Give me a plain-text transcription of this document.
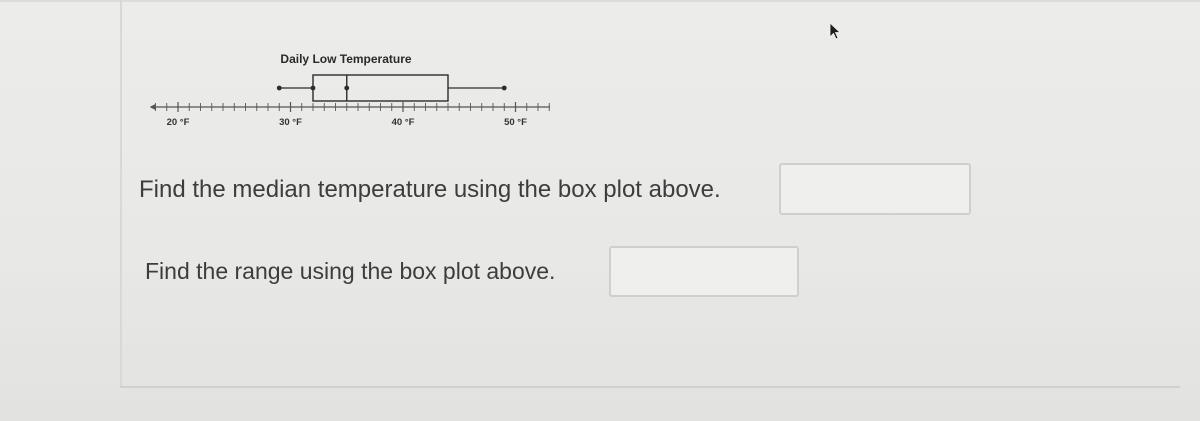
Daily Low Temperature
20 °F	30 °F	40 °F	50 °F
Find the median temperature using the box plot above.
Find the range using the box plot above.
